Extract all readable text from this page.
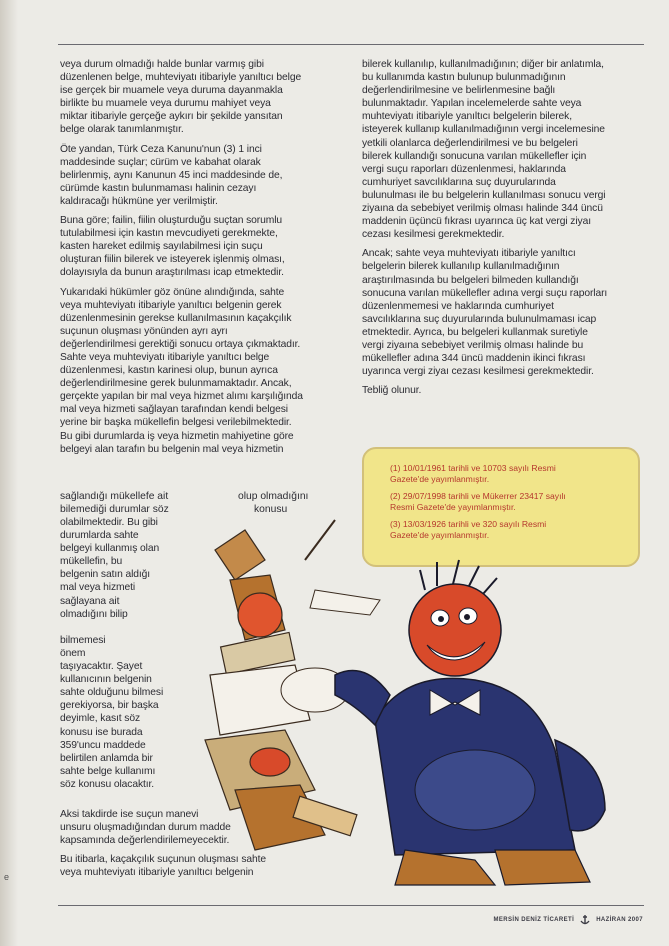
veya durum olmadığı halde bunlar varmış gibi
düzenlenen belge, muhteviyatı itibariyle yanıltıcı belge
ise gerçek bir muamele veya duruma dayanmakla
birlikte bu muamele veya durumu mahiyet veya
miktar itibariyle gerçeğe aykırı bir şekilde yansıtan
belge olarak tanımlanmıştır.

Öte yandan, Türk Ceza Kanunu'nun (3) 1 inci
maddesinde suçlar; cürüm ve kabahat olarak
belirlenmiş, aynı Kanunun 45 inci maddesinde de,
cürümde kastın bulunmaması halinin cezayı
kaldıracağı hükmüne yer verilmiştir.

Buna göre; failin, fiilin oluşturduğu suçtan sorumlu
tutulabilmesi için kastın mevcudiyeti gerekmekte,
kasten hareket edilmiş sayılabilmesi için suçu
oluşturan fiilin bilerek ve isteyerek işlenmiş olması,
dolayısıyla da bunun araştırılması icap etmektedir.

Yukarıdaki hükümler göz önüne alındığında, sahte
veya muhteviyatı itibariyle yanıltıcı belgenin gerek
düzenlenmesinin gerekse kullanılmasının kaçakçılık
suçunun oluşması yönünden ayrı ayrı
değerlendirilmesi gerektiği sonucu ortaya çıkmaktadır.
Sahte veya muhteviyatı itibariyle yanıltıcı belge
düzenlenmesi, kastın karinesi olup, bunun ayrıca
değerlendirilmesine gerek bulunmamaktadır. Ancak,
gerçekte yapılan bir mal veya hizmet alımı karşılığında
mal veya hizmeti sağlayan tarafından kendi belgesi
yerine bir başka mükellefin belgesi verilebilmektedir.
Bu gibi durumlarda iş veya hizmetin mahiyetine göre
belgeyi alan tarafın bu belgenin mal veya hizmetin

sağlandığı mükellefe ait	olup olmadığını
bilemediği durumlar söz	konusu

olabilmektedir. Bu gibi
durumlarda sahte
belgeyi kullanmış olan
mükellefin, bu
belgenin satın aldığı
mal veya hizmeti
sağlayana ait
olmadığını bilip

bilmemesi
önem
taşıyacaktır. Şayet
kullanıcının belgenin
sahte olduğunu bilmesi
gerekiyorsa, bir başka
deyimle, kasıt söz
konusu ise burada
359'uncu maddede
belirtilen anlamda bir
sahte belge kullanımı
söz konusu olacaktır.

Aksi takdirde ise suçun manevi
unsuru oluşmadığından durum madde
kapsamında değerlendirilemeyecektir.

Bu itibarla, kaçakçılık suçunun oluşması sahte
veya muhteviyatı itibariyle yanıltıcı belgenin

bilerek kullanılıp, kullanılmadığının; diğer bir anlatımla,
bu kullanımda kastın bulunup bulunmadığının
değerlendirilmesine ve belirlenmesine bağlı
bulunmaktadır. Yapılan incelemelerde sahte veya
muhteviyatı itibariyle yanıltıcı belgelerin bilerek,
isteyerek kullanıp kullanılmadığının vergi incelemesine
yetkili olanlarca değerlendirilmesi ve bu belgeleri
bilerek kullandığı sonucuna varılan mükellefler için
vergi suçu raporları düzenlenmesi, haklarında
cumhuriyet savcılıklarına suç duyurularında
bulunulması ile bu belgelerin kullanılması sonucu vergi
ziyaına da sebebiyet verilmiş olması halinde 344 üncü
maddenin üçüncü fıkrası uyarınca üç kat vergi ziyaı
cezası kesilmesi gerekmektedir.

Ancak; sahte veya muhteviyatı itibariyle yanıltıcı
belgelerin bilerek kullanılıp kullanılmadığının
araştırılmasında bu belgeleri bilmeden kullandığı
sonucuna varılan mükellefler adına vergi suçu raporları
düzenlenmemesi ve haklarında cumhuriyet
savcılıklarına suç duyurularında bulunulmaması icap
etmektedir. Ayrıca, bu belgeleri kullanmak suretiyle
vergi ziyaına sebebiyet verilmiş olması halinde bu
mükellefler adına 344 üncü maddenin ikinci fıkrası
uyarınca vergi ziyaı cezası kesilmesi gerekmektedir.

Tebliğ olunur.

(1) 10/01/1961 tarihli ve 10703 sayılı Resmi
Gazete'de yayımlanmıştır.

(2) 29/07/1998 tarihli ve Mükerrer 23417 sayılı
Resmi Gazete'de yayımlanmıştır.

(3) 13/03/1926 tarihli ve 320 sayılı Resmi
Gazete'de yayımlanmıştır.

e
MERSİN DENİZ TİCARETİ	HAZİRAN 2007
